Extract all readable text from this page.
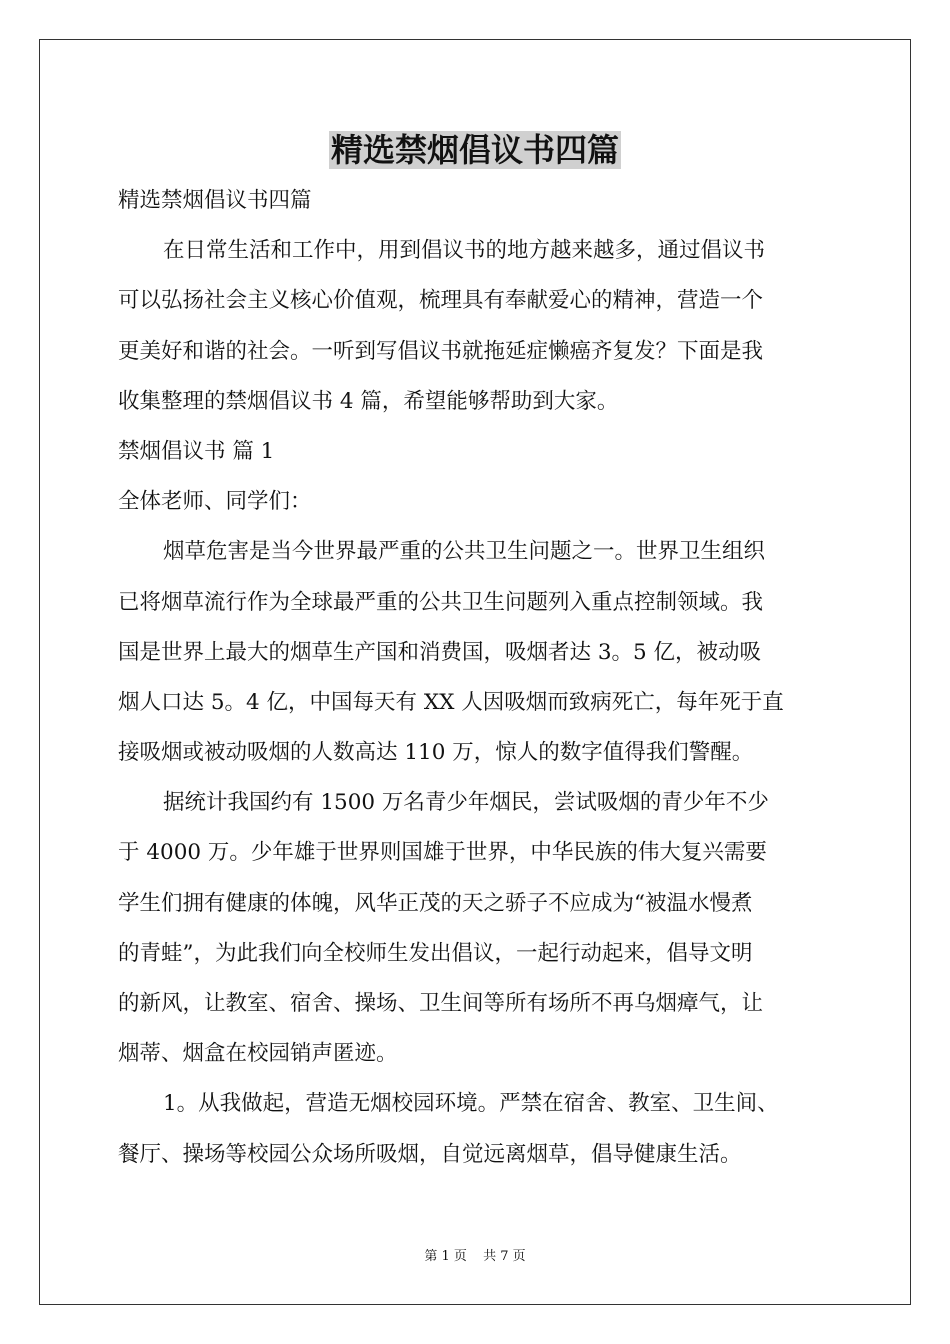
精选禁烟倡议书四篇

精选禁烟倡议书四篇

在日常生活和工作中，用到倡议书的地方越来越多，通过倡议书

可以弘扬社会主义核心价值观，梳理具有奉献爱心的精神，营造一个

更美好和谐的社会。一听到写倡议书就拖延症懒癌齐复发？下面是我

收集整理的禁烟倡议书 4 篇，希望能够帮助到大家。

禁烟倡议书 篇 1

全体老师、同学们：

烟草危害是当今世界最严重的公共卫生问题之一。世界卫生组织

已将烟草流行作为全球最严重的公共卫生问题列入重点控制领域。我

国是世界上最大的烟草生产国和消费国，吸烟者达 3。5 亿，被动吸

烟人口达 5。4 亿，中国每天有 XX 人因吸烟而致病死亡，每年死于直

接吸烟或被动吸烟的人数高达 110 万，惊人的数字值得我们警醒。

据统计我国约有 1500 万名青少年烟民，尝试吸烟的青少年不少

于 4000 万。少年雄于世界则国雄于世界，中华民族的伟大复兴需要

学生们拥有健康的体魄，风华正茂的天之骄子不应成为“被温水慢煮

的青蛙”，为此我们向全校师生发出倡议，一起行动起来，倡导文明

的新风，让教室、宿舍、操场、卫生间等所有场所不再乌烟瘴气，让

烟蒂、烟盒在校园销声匿迹。

1。从我做起，营造无烟校园环境。严禁在宿舍、教室、卫生间、

餐厅、操场等校园公众场所吸烟，自觉远离烟草，倡导健康生活。

第 1 页 共 7 页
